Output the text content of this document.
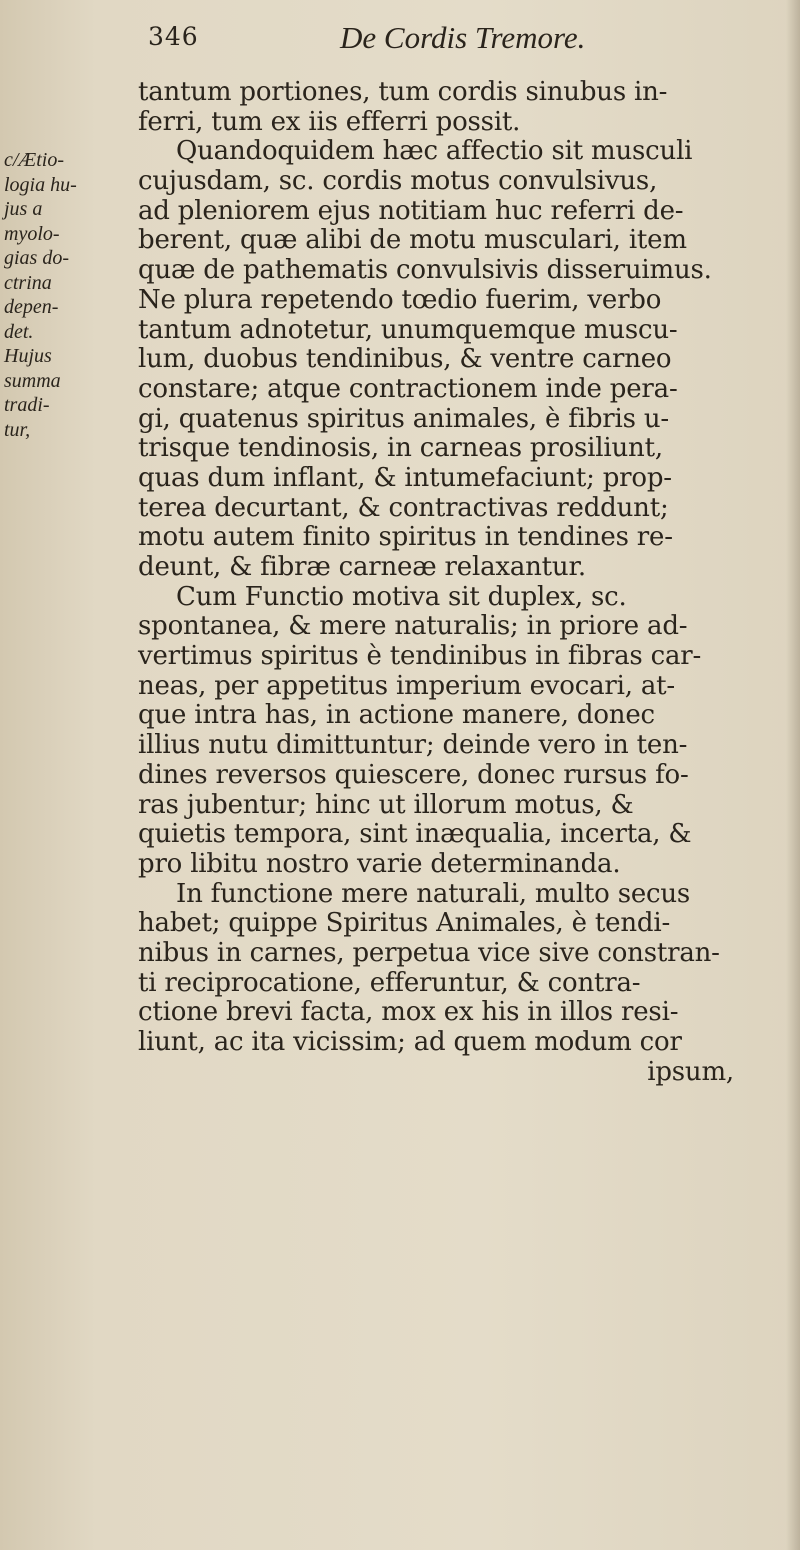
346	De Cordis Tremore.
c/Ætio-
logia hu-
jus a
myolo-
gias do-
ctrina
depen-
det.
Hujus
summa
tradi-
tur,
tantum portiones, tum cordis sinubus in-
ferri, tum ex iis efferri possit.
Quandoquidem hæc affectio sit musculi
cujusdam, sc. cordis motus convulsivus,
ad pleniorem ejus notitiam huc referri de-
berent, quæ alibi de motu musculari, item
quæ de pathematis convulsivis disseruimus.
Ne plura repetendo tœdio fuerim, verbo
tantum adnotetur, unumquemque muscu-
lum, duobus tendinibus, & ventre carneo
constare; atque contractionem inde pera-
gi, quatenus spiritus animales, è fibris u-
trisque tendinosis, in carneas prosiliunt,
quas dum inflant, & intumefaciunt; prop-
terea decurtant, & contractivas reddunt;
motu autem finito spiritus in tendines re-
deunt, & fibræ carneæ relaxantur.
Cum Functio motiva sit duplex, sc.
spontanea, & mere naturalis; in priore ad-
vertimus spiritus è tendinibus in fibras car-
neas, per appetitus imperium evocari, at-
que intra has, in actione manere, donec
illius nutu dimittuntur; deinde vero in ten-
dines reversos quiescere, donec rursus fo-
ras jubentur; hinc ut illorum motus, &
quietis tempora, sint inæqualia, incerta, &
pro libitu nostro varie determinanda.
In functione mere naturali, multo secus
habet; quippe Spiritus Animales, è tendi-
nibus in carnes, perpetua vice sive constran-
ti reciprocatione, efferuntur, & contra-
ctione brevi facta, mox ex his in illos resi-
liunt, ac ita vicissim; ad quem modum cor
ipsum,
